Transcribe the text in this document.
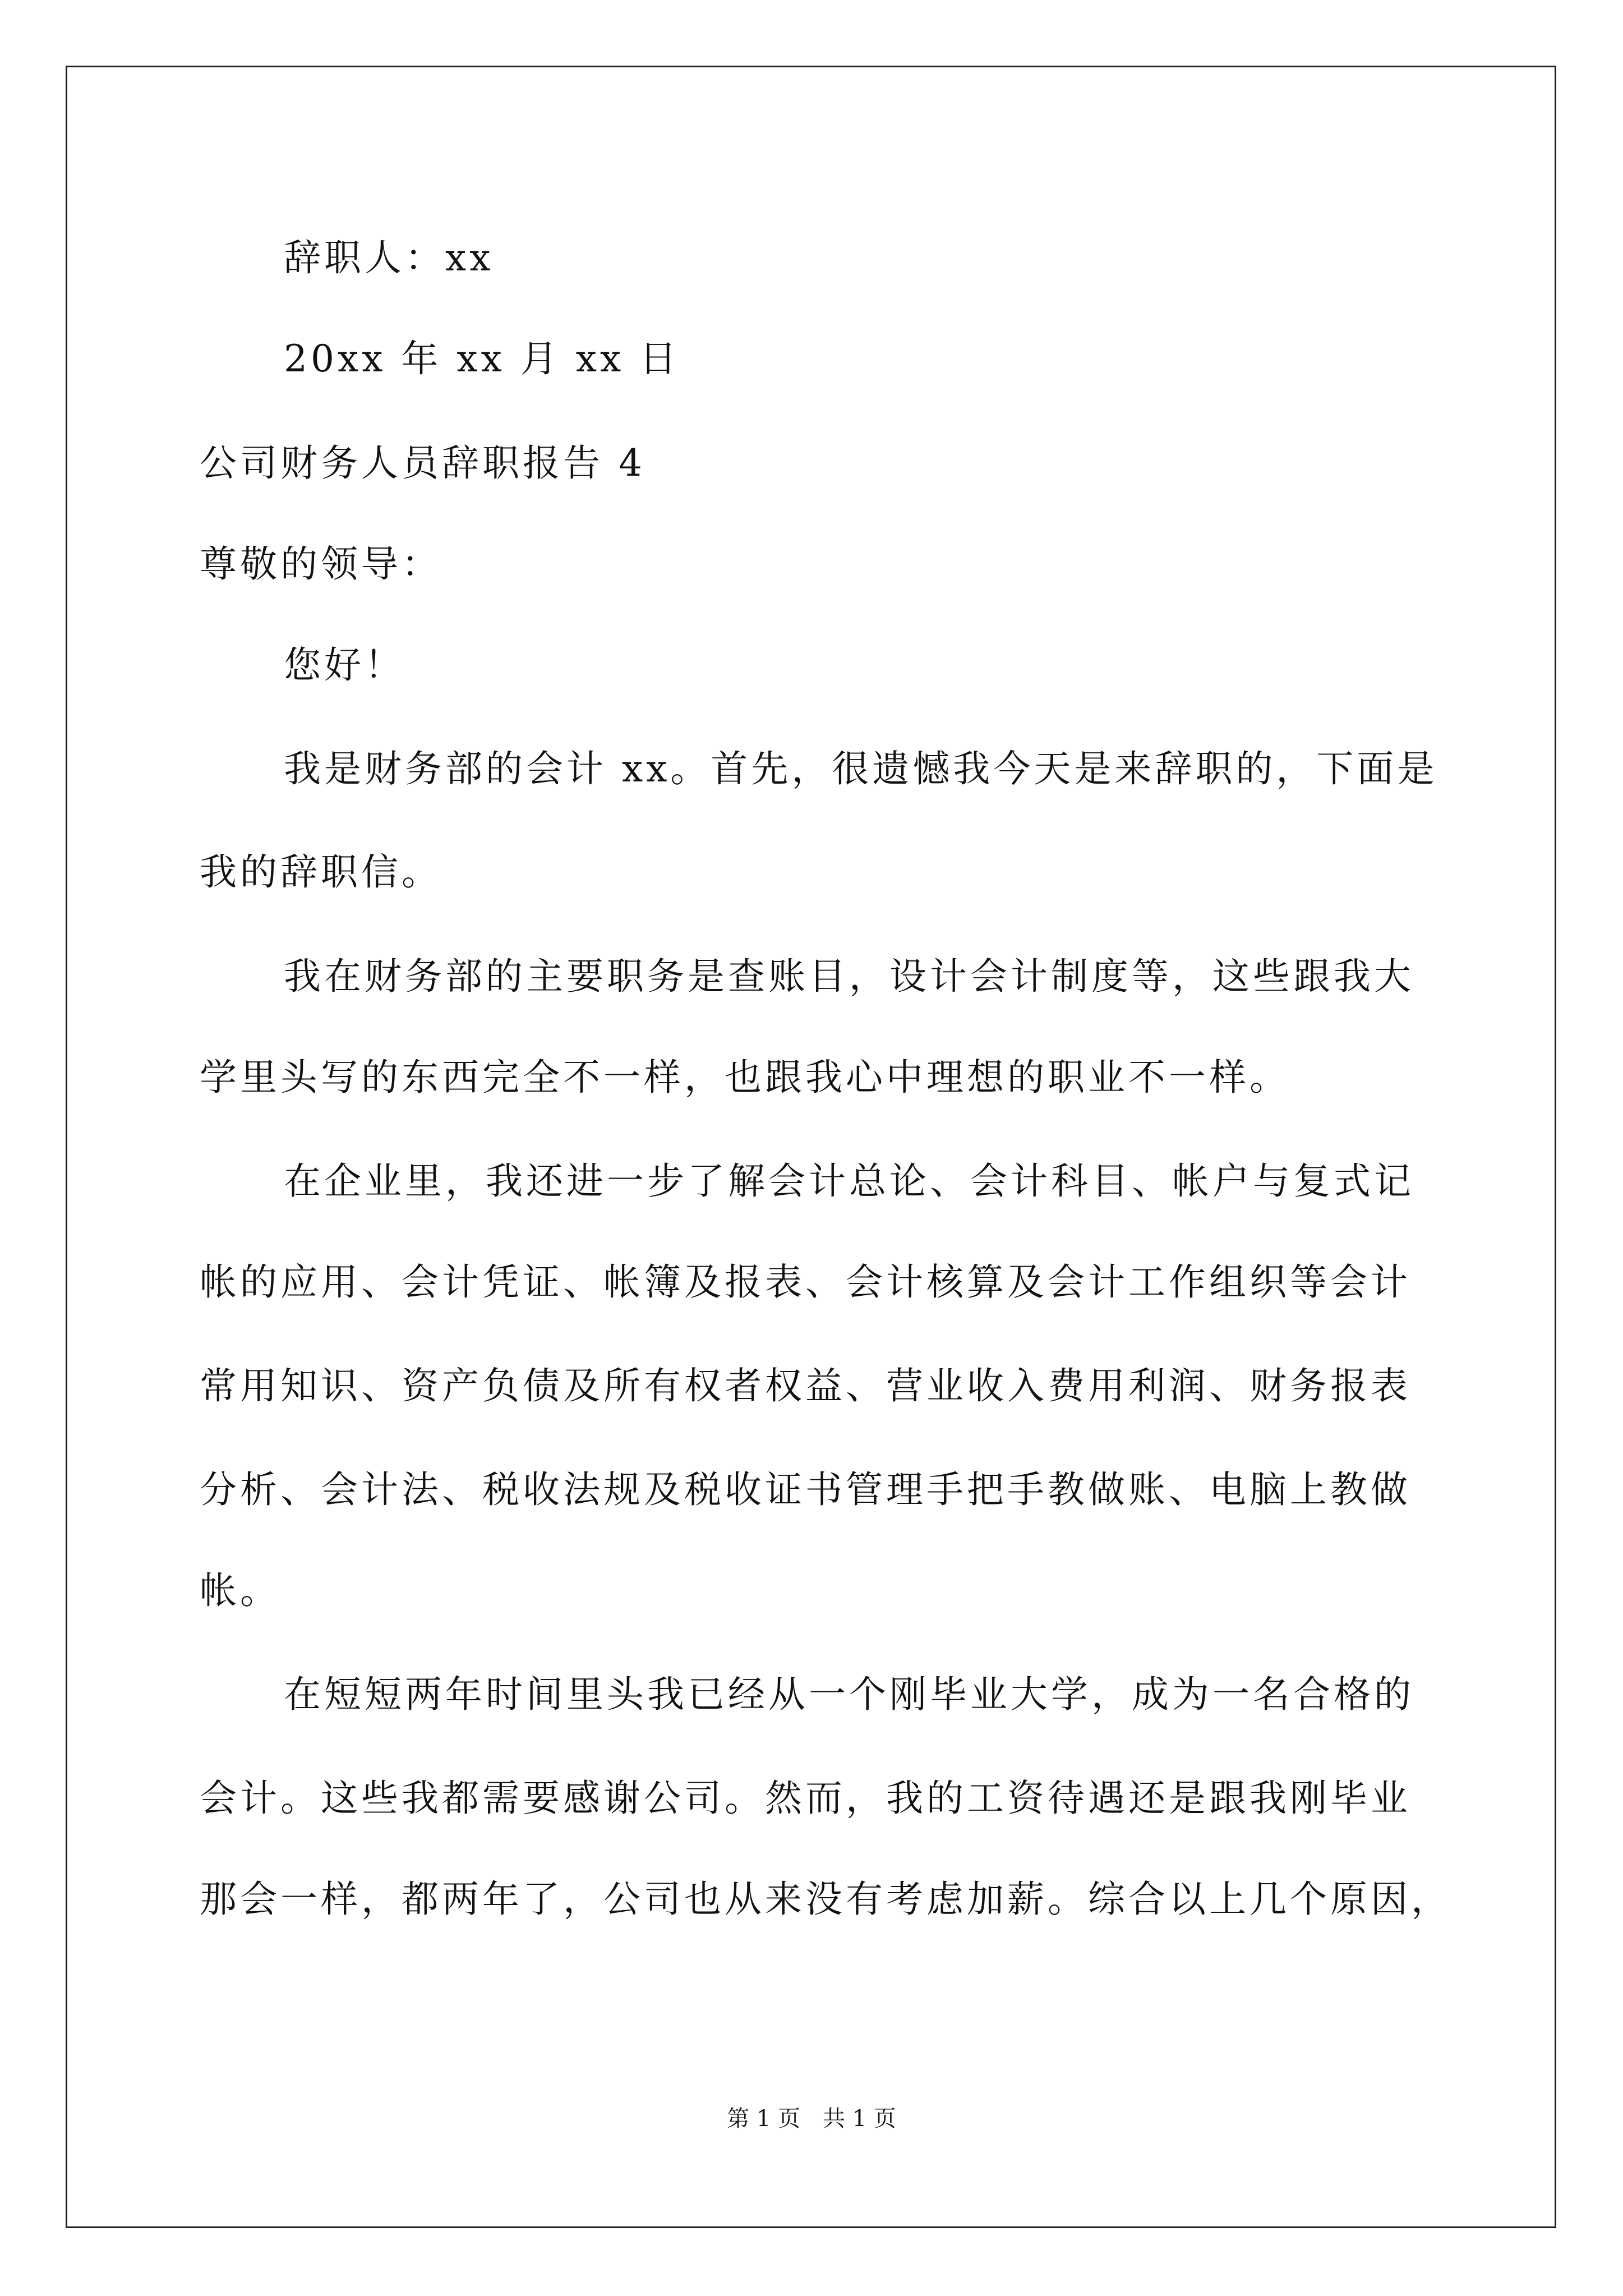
辞职人：xx
20xx 年 xx 月 xx 日
公司财务人员辞职报告 4
尊敬的领导：
您好！
我是财务部的会计 xx。首先，很遗憾我今天是来辞职的，下面是
我的辞职信。
我在财务部的主要职务是查账目，设计会计制度等，这些跟我大
学里头写的东西完全不一样，也跟我心中理想的职业不一样。
在企业里，我还进一步了解会计总论、会计科目、帐户与复式记
帐的应用、会计凭证、帐簿及报表、会计核算及会计工作组织等会计
常用知识、资产负债及所有权者权益、营业收入费用利润、财务报表
分析、会计法、税收法规及税收证书管理手把手教做账、电脑上教做
帐。
在短短两年时间里头我已经从一个刚毕业大学，成为一名合格的
会计。这些我都需要感谢公司。然而，我的工资待遇还是跟我刚毕业
那会一样，都两年了，公司也从来没有考虑加薪。综合以上几个原因，
第 1 页　共 1 页
